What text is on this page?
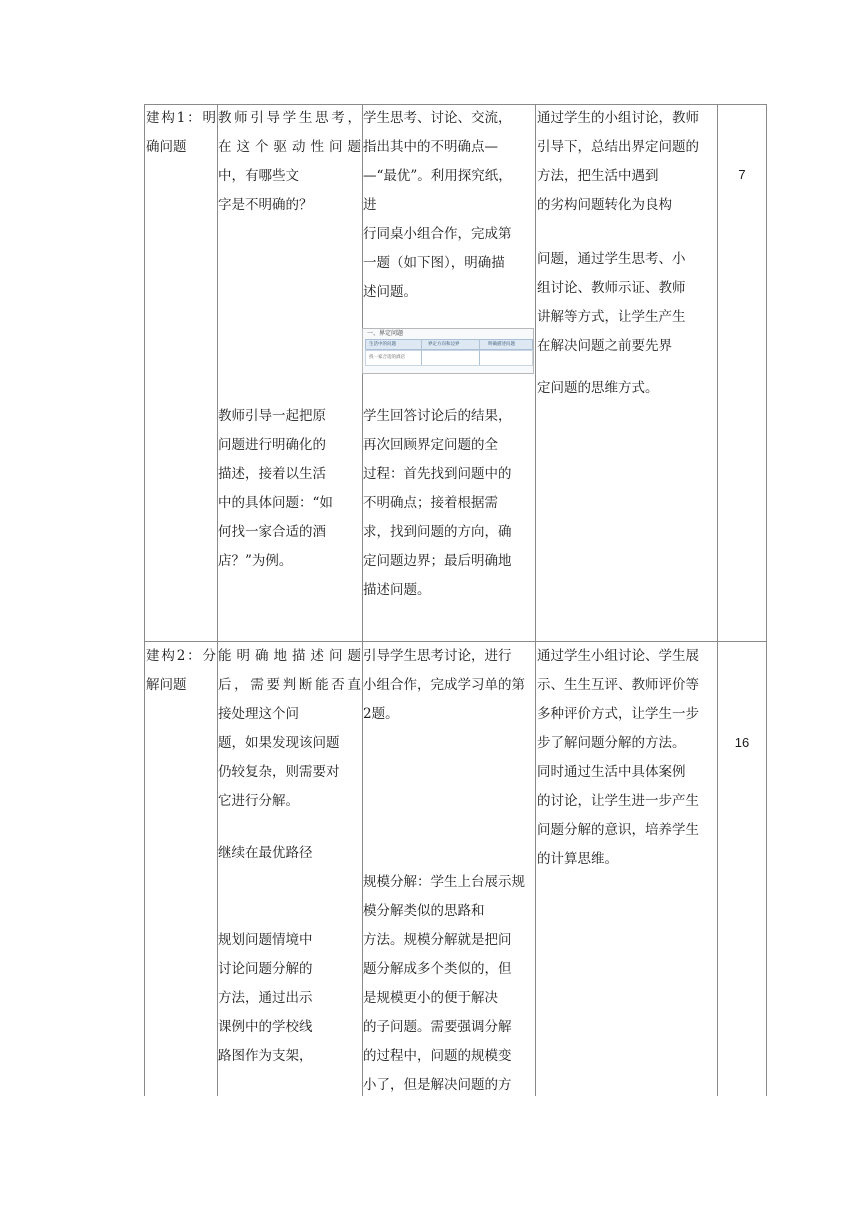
建构1：明

确问题

教师引导学生思考，

在这个驱动性问题

中，有哪些文

字是不明确的？

教师引导一起把原

问题进行明确化的

描述，接着以生活

中的具体问题：“如

何找一家合适的酒

店？”为例。

学生思考、讨论、交流，

指出其中的不明确点—

—“最优”。利用探究纸，

进

行同桌小组合作，完成第

一题（如下图），明确描

述问题。

一、界定问题
生活中的问题	界定方向和边界	明确描述问题
找一家合适的酒店

学生回答讨论后的结果，

再次回顾界定问题的全

过程：首先找到问题中的

不明确点；接着根据需

求，找到问题的方向，确

定问题边界；最后明确地

描述问题。

通过学生的小组讨论，教师

引导下，总结出界定问题的

方法，把生活中遇到

的劣构问题转化为良构

问题，通过学生思考、小

组讨论、教师示证、教师

讲解等方式，让学生产生

在解决问题之前要先界

定问题的思维方式。

7

建构2：分

解问题

能明确地描述问题

后，需要判断能否直

接处理这个问

题，如果发现该问题

仍较复杂，则需要对

它进行分解。

继续在最优路径

规划问题情境中

讨论问题分解的

方法，通过出示

课例中的学校线

路图作为支架，

引导学生思考讨论，进行

小组合作，完成学习单的第

2题。

规模分解：学生上台展示规

模分解类似的思路和

方法。规模分解就是把问

题分解成多个类似的，但

是规模更小的便于解决

的子问题。需要强调分解

的过程中，问题的规模变

小了，但是解决问题的方

通过学生小组讨论、学生展

示、生生互评、教师评价等

多种评价方式，让学生一步

步了解问题分解的方法。

同时通过生活中具体案例

的讨论，让学生进一步产生

问题分解的意识，培养学生

的计算思维。

16
